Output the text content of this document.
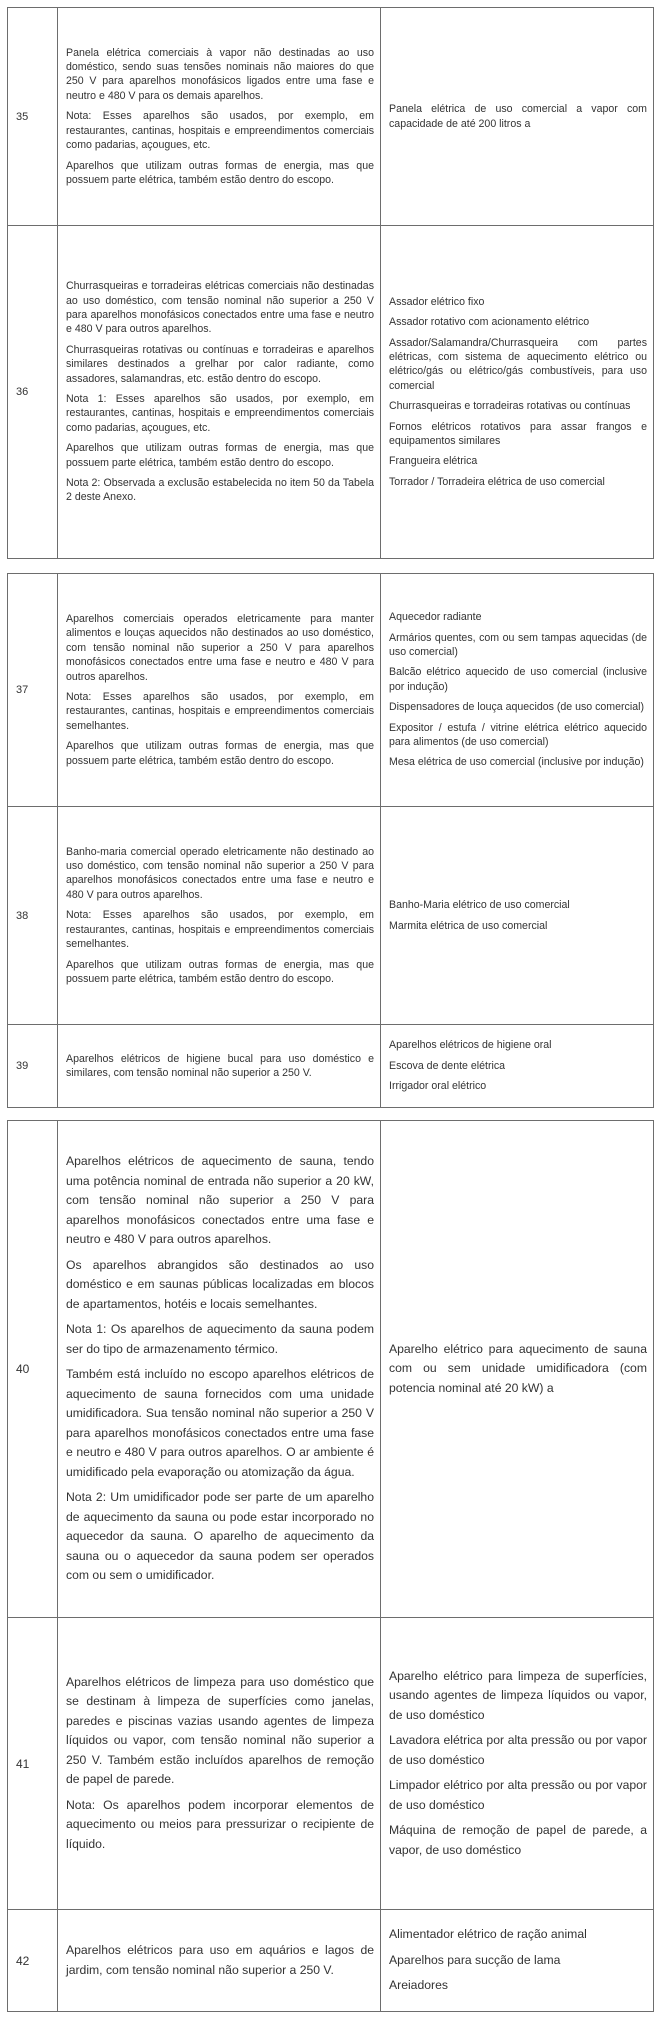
35

Panela elétrica comerciais à vapor não destinadas ao uso doméstico, sendo suas tensões nominais não maiores do que 250 V para aparelhos monofásicos ligados entre uma fase e neutro e 480 V para os demais aparelhos.

Nota: Esses aparelhos são usados, por exemplo, em restaurantes, cantinas, hospitais e empreendimentos comerciais como padarias, açougues, etc.

Aparelhos que utilizam outras formas de energia, mas que possuem parte elétrica, também estão dentro do escopo.

Panela elétrica de uso comercial a vapor com capacidade de até 200 litros a

36

Churrasqueiras e torradeiras elétricas comerciais não destinadas ao uso doméstico, com tensão nominal não superior a 250 V para aparelhos monofásicos conectados entre uma fase e neutro e 480 V para outros aparelhos.

Churrasqueiras rotativas ou contínuas e torradeiras e aparelhos similares destinados a grelhar por calor radiante, como assadores, salamandras, etc. estão dentro do escopo.

Nota 1: Esses aparelhos são usados, por exemplo, em restaurantes, cantinas, hospitais e empreendimentos comerciais como padarias, açougues, etc.

Aparelhos que utilizam outras formas de energia, mas que possuem parte elétrica, também estão dentro do escopo.

Nota 2: Observada a exclusão estabelecida no item 50 da Tabela 2 deste Anexo.

Assador elétrico fixo

Assador rotativo com acionamento elétrico

Assador/Salamandra/Churrasqueira com partes elétricas, com sistema de aquecimento elétrico ou elétrico/gás ou elétrico/gás combustíveis, para uso comercial

Churrasqueiras e torradeiras rotativas ou contínuas

Fornos elétricos rotativos para assar frangos e equipamentos similares

Frangueira elétrica

Torrador / Torradeira elétrica de uso comercial

37

Aparelhos comerciais operados eletricamente para manter alimentos e louças aquecidos não destinados ao uso doméstico, com tensão nominal não superior a 250 V para aparelhos monofásicos conectados entre uma fase e neutro e 480 V para outros aparelhos.

Nota: Esses aparelhos são usados, por exemplo, em restaurantes, cantinas, hospitais e empreendimentos comerciais semelhantes.

Aparelhos que utilizam outras formas de energia, mas que possuem parte elétrica, também estão dentro do escopo.

Aquecedor radiante

Armários quentes, com ou sem tampas aquecidas (de uso comercial)

Balcão elétrico aquecido de uso comercial (inclusive por indução)

Dispensadores de louça aquecidos (de uso comercial)

Expositor / estufa / vitrine elétrica elétrico aquecido para alimentos (de uso comercial)

Mesa elétrica de uso comercial (inclusive por indução)

38

Banho-maria comercial operado eletricamente não destinado ao uso doméstico, com tensão nominal não superior a 250 V para aparelhos monofásicos conectados entre uma fase e neutro e 480 V para outros aparelhos.

Nota: Esses aparelhos são usados, por exemplo, em restaurantes, cantinas, hospitais e empreendimentos comerciais semelhantes.

Aparelhos que utilizam outras formas de energia, mas que possuem parte elétrica, também estão dentro do escopo.

Banho-Maria elétrico de uso comercial

Marmita elétrica de uso comercial

39

Aparelhos elétricos de higiene bucal para uso doméstico e similares, com tensão nominal não superior a 250 V.

Aparelhos elétricos de higiene oral

Escova de dente elétrica

Irrigador oral elétrico

40

Aparelhos elétricos de aquecimento de sauna, tendo uma potência nominal de entrada não superior a 20 kW, com tensão nominal não superior a 250 V para aparelhos monofásicos conectados entre uma fase e neutro e 480 V para outros aparelhos.

Os aparelhos abrangidos são destinados ao uso doméstico e em saunas públicas localizadas em blocos de apartamentos, hotéis e locais semelhantes.

Nota 1: Os aparelhos de aquecimento da sauna podem ser do tipo de armazenamento térmico.

Também está incluído no escopo aparelhos elétricos de aquecimento de sauna fornecidos com uma unidade umidificadora. Sua tensão nominal não superior a 250 V para aparelhos monofásicos conectados entre uma fase e neutro e 480 V para outros aparelhos. O ar ambiente é umidificado pela evaporação ou atomização da água.

Nota 2: Um umidificador pode ser parte de um aparelho de aquecimento da sauna ou pode estar incorporado no aquecedor da sauna. O aparelho de aquecimento da sauna ou o aquecedor da sauna podem ser operados com ou sem o umidificador.

Aparelho elétrico para aquecimento de sauna com ou sem unidade umidificadora (com potencia nominal até 20 kW) a

41

Aparelhos elétricos de limpeza para uso doméstico que se destinam à limpeza de superfícies como janelas, paredes e piscinas vazias usando agentes de limpeza líquidos ou vapor, com tensão nominal não superior a 250 V. Também estão incluídos aparelhos de remoção de papel de parede.

Nota: Os aparelhos podem incorporar elementos de aquecimento ou meios para pressurizar o recipiente de líquido.

Aparelho elétrico para limpeza de superfícies, usando agentes de limpeza líquidos ou vapor, de uso doméstico

Lavadora elétrica por alta pressão ou por vapor de uso doméstico

Limpador elétrico por alta pressão ou por vapor de uso doméstico

Máquina de remoção de papel de parede, a vapor, de uso doméstico

42

Aparelhos elétricos para uso em aquários e lagos de jardim, com tensão nominal não superior a 250 V.

Alimentador elétrico de ração animal

Aparelhos para sucção de lama

Areiadores
